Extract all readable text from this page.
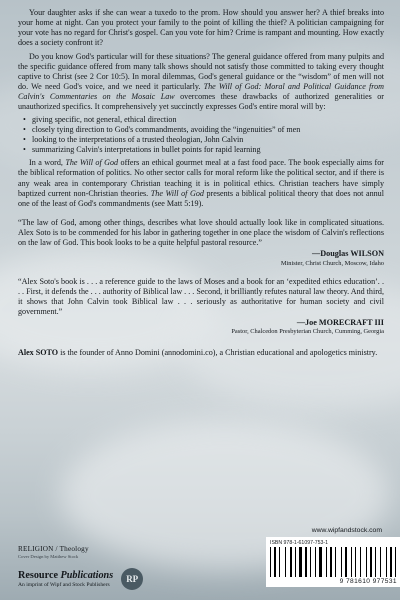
Your daughter asks if she can wear a tuxedo to the prom. How should you answer her? A thief breaks into your home at night. Can you protect your family to the point of killing the thief? A politician campaigning for your vote has no regard for Christ's gospel. Can you vote for him? Crime is rampant and mounting. How exactly does a society confront it?

Do you know God's particular will for these situations? The general guidance offered from many pulpits and the specific guidance offered from many talk shows should not satisfy those committed to taking every thought captive to Christ (see 2 Cor 10:5). In moral dilemmas, God's general guidance or the “wisdom” of men will not do. We need God's voice, and we need it particularly. The Will of God: Moral and Political Guidance from Calvin's Commentaries on the Mosaic Law overcomes these drawbacks of authorized generalities or unauthorized specifics. It comprehensively yet succinctly expresses God's entire moral will by:

• giving specific, not general, ethical direction
• closely tying direction to God's commandments, avoiding the “ingenuities” of men
• looking to the interpretations of a trusted theologian, John Calvin
• summarizing Calvin's interpretations in bullet points for rapid learning

In a word, The Will of God offers an ethical gourmet meal at a fast food pace. The book especially aims for the biblical reformation of politics. No other sector calls for moral reform like the political sector, and if there is any weak area in contemporary Christian teaching it is in political ethics. Christian teachers have simply baptized current non-Christian theories. The Will of God presents a biblical political theory that does not annul one of the least of God's commandments (see Matt 5:19).

“The law of God, among other things, describes what love should actually look like in complicated situations. Alex Soto is to be commended for his labor in gathering together in one place the wisdom of Calvin's reflections on the law of God. This book looks to be a quite helpful pastoral resource.”

—Douglas WILSON
Minister, Christ Church, Moscow, Idaho

“Alex Soto's book is . . . a reference guide to the laws of Moses and a book for an ‘expedited ethics education’. . . . First, it defends the . . . authority of Biblical law . . . Second, it brilliantly refutes natural law theory. And third, it shows that John Calvin took Biblical law . . . seriously as authoritative for human society and civil government.”

—Joe MORECRAFT III
Pastor, Chalcedon Presbyterian Church, Cumming, Georgia

Alex SOTO is the founder of Anno Domini (annodomini.co), a Christian educational and apologetics ministry.

RELIGION / Theology
Cover Design by Matthew Stock
Resource Publications
An imprint of Wipf and Stock Publishers
RP
www.wipfandstock.com
ISBN 978-1-61097-753-1
9 781610 977531
